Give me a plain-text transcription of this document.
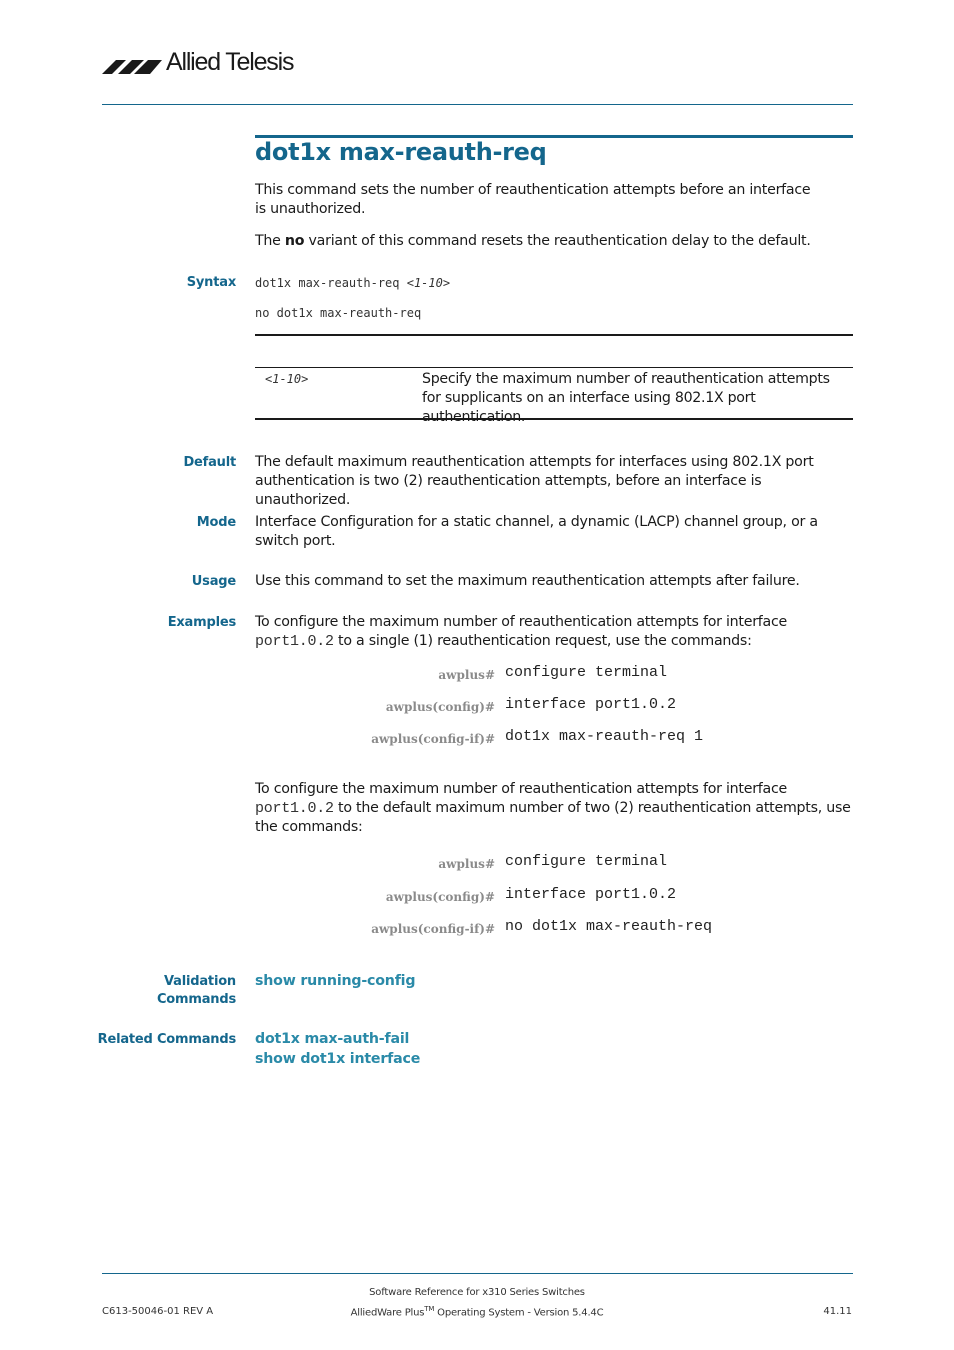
Allied Telesis
dot1x max-reauth-req
This command sets the number of reauthentication attempts before an interface is unauthorized.
The no variant of this command resets the reauthentication delay to the default.
Syntax dot1x max-reauth-req <1-10>
no dot1x max-reauth-req
<1-10>	Specify the maximum number of reauthentication attempts for supplicants on an interface using 802.1X port authentication.
Default The default maximum reauthentication attempts for interfaces using 802.1X port authentication is two (2) reauthentication attempts, before an interface is unauthorized.
Mode Interface Configuration for a static channel, a dynamic (LACP) channel group, or a switch port.
Usage Use this command to set the maximum reauthentication attempts after failure.
Examples To configure the maximum number of reauthentication attempts for interface
port1.0.2 to a single (1) reauthentication request, use the commands:
awplus# configure terminal
awplus(config)# interface port1.0.2
awplus(config-if)# dot1x max-reauth-req 1
To configure the maximum number of reauthentication attempts for interface
port1.0.2 to the default maximum number of two (2) reauthentication attempts, use the commands:
awplus# configure terminal
awplus(config)# interface port1.0.2
awplus(config-if)# no dot1x max-reauth-req
Validation
Commands
show running-config
Related Commands dot1x max-auth-fail
show dot1x interface
Software Reference for x310 Series Switches
AlliedWare Plus™ Operating System - Version 5.4.4C
C613-50046-01 REV A	41.11
